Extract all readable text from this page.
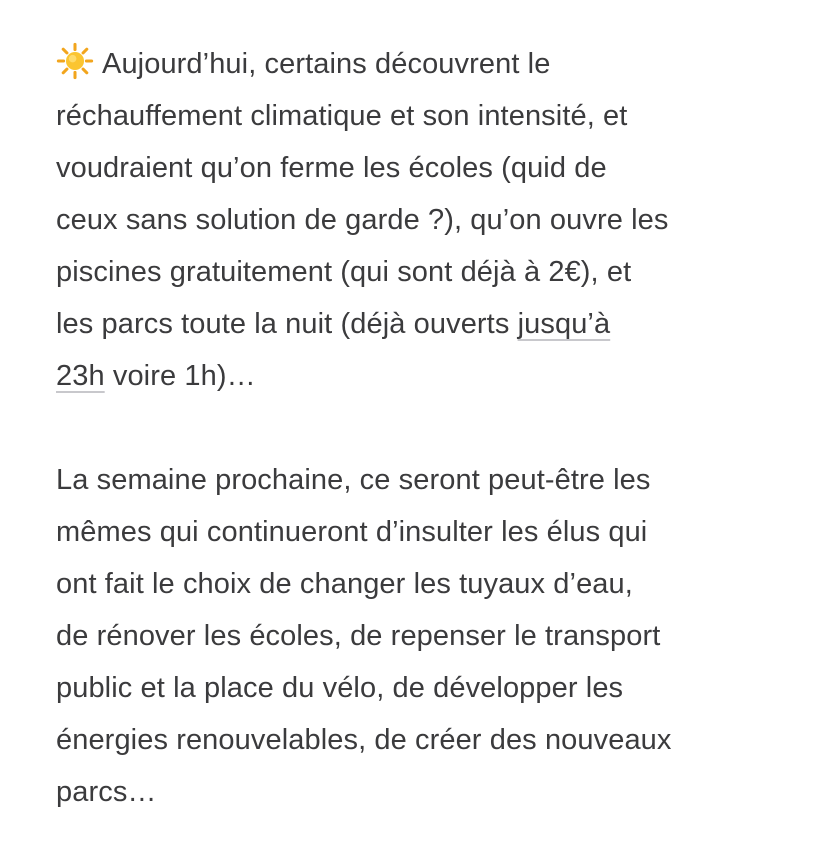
Aujourd’hui, certains découvrent le
réchauffement climatique et son intensité, et
voudraient qu’on ferme les écoles (quid de
ceux sans solution de garde ?), qu’on ouvre les
piscines gratuitement (qui sont déjà à 2€), et
les parcs toute la nuit (déjà ouverts jusqu’à
23h voire 1h)…
La semaine prochaine, ce seront peut-être les
mêmes qui continueront d’insulter les élus qui
ont fait le choix de changer les tuyaux d’eau,
de rénover les écoles, de repenser le transport
public et la place du vélo, de développer les
énergies renouvelables, de créer des nouveaux
parcs…
